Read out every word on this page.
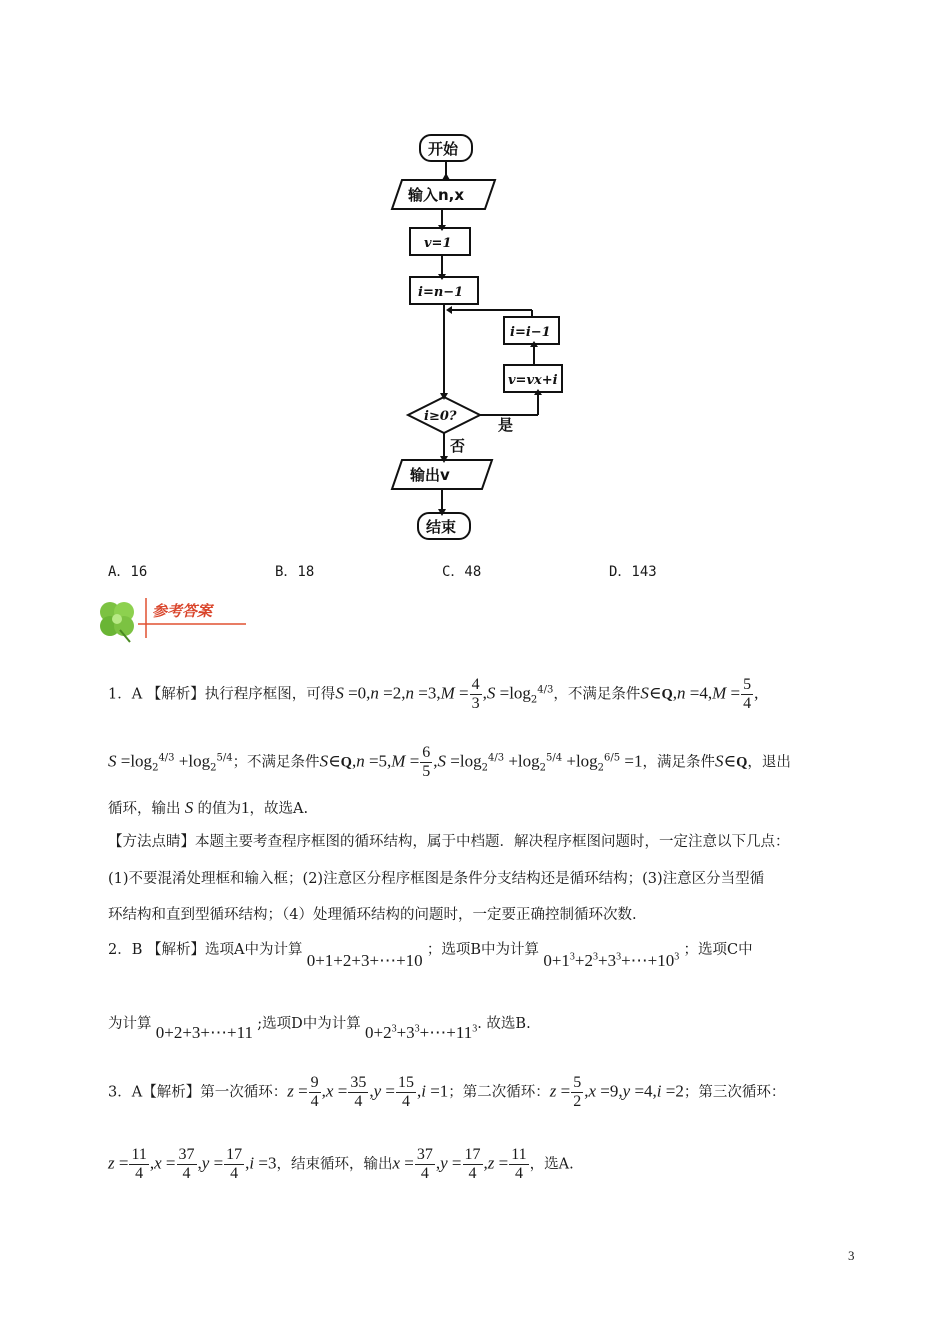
开始
输入n,x
v=1
i=n−1
i=i−1
v=vx+i
i≥0?	是
否
输出v
结束
A．16	B．18	C．48	D．143
参考答案
1．A 【解析】执行程序框图，可得$S =0,n =2,n =3,M = \frac{4}{3} ,S =\log_2^{4/3}$，不满足条件S∈Q,n $=4,M = \frac{5}{4}$ ,
$S =\log_2^{4/3} +\log_2^{5/4}$；不满足条件S∈Q,n $=5,M = \frac{6}{5} ,S =\log_2^{4/3} +\log_2^{5/4} +\log_2^{6/5} =1$，满足条件S∈Q，退出
循环，输出 S 的值为1，故选A.
【方法点睛】本题主要考查程序框图的循环结构，属于中档题．解决程序框图问题时，一定注意以下几点：
(1)不要混淆处理框和输入框；(2)注意区分程序框图是条件分支结构还是循环结构；(3)注意区分当型循
环结构和直到型循环结构；（4）处理循环结构的问题时，一定要正确控制循环次数.
2．B 【解析】选项A中为计算 0+1+2+3+⋯+10 ；选项B中为计算 $0+1^3+2^3+3^3+\cdots+10^3$ ；选项C中
为计算 0+2+3+⋯+11 ;选项D中为计算 $0+2^3+3^3+\cdots+11^3$. 故选B.
3．A【解析】第一次循环：$z = \frac{9}{4} ,x = \frac{35}{4} ,y = \frac{15}{4} ,i =1$；第二次循环：$z = \frac{5}{2} ,x =9,y =4,i =2$；第三次循环：
$z = \frac{11}{4} ,x = \frac{37}{4} ,y = \frac{17}{4} ,i =3$，结束循环，输出$x = \frac{37}{4} ,y = \frac{17}{4} ,z = \frac{11}{4}$ ，选A.
3
